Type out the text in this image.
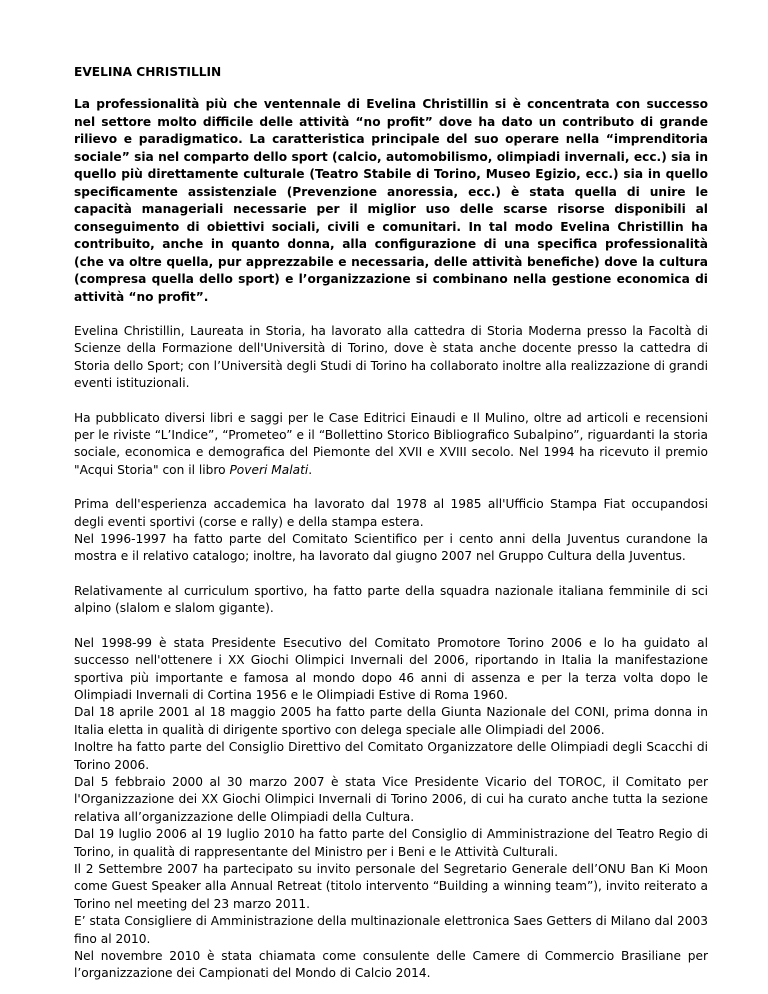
EVELINA CHRISTILLIN

La professionalità più che ventennale di Evelina Christillin si è concentrata con successo nel settore molto difficile delle attività “no profit” dove ha dato un contributo di grande rilievo e paradigmatico. La caratteristica principale del suo operare nella “imprenditoria sociale” sia nel comparto dello sport (calcio, automobilismo, olimpiadi invernali, ecc.) sia in quello più direttamente culturale (Teatro Stabile di Torino, Museo Egizio, ecc.) sia in quello specificamente assistenziale (Prevenzione anoressia, ecc.) è stata quella di unire le capacità manageriali necessarie per il miglior uso delle scarse risorse disponibili al conseguimento di obiettivi sociali, civili e comunitari. In tal modo Evelina Christillin ha contribuito, anche in quanto donna, alla configurazione di una specifica professionalità (che va oltre quella, pur apprezzabile e necessaria, delle attività benefiche) dove la cultura (compresa quella dello sport) e l’organizzazione si combinano nella gestione economica di attività “no profit”.

Evelina Christillin, Laureata in Storia, ha lavorato alla cattedra di Storia Moderna presso la Facoltà di Scienze della Formazione dell'Università di Torino, dove è stata anche docente presso la cattedra di Storia dello Sport; con l’Università degli Studi di Torino ha collaborato inoltre alla realizzazione di grandi eventi istituzionali.

Ha pubblicato diversi libri e saggi per le Case Editrici Einaudi e Il Mulino, oltre ad articoli e recensioni per le riviste “L’Indice”, “Prometeo” e il “Bollettino Storico Bibliografico Subalpino”, riguardanti la storia sociale, economica e demografica del Piemonte del XVII e XVIII secolo. Nel 1994 ha ricevuto il premio "Acqui Storia" con il libro Poveri Malati.

Prima dell'esperienza accademica ha lavorato dal 1978 al 1985 all'Ufficio Stampa Fiat occupandosi degli eventi sportivi (corse e rally) e della stampa estera.
Nel 1996-1997 ha fatto parte del Comitato Scientifico per i cento anni della Juventus curandone la mostra e il relativo catalogo; inoltre, ha lavorato dal giugno 2007 nel Gruppo Cultura della Juventus.

Relativamente al curriculum sportivo, ha fatto parte della squadra nazionale italiana femminile di sci alpino (slalom e slalom gigante).

Nel 1998-99 è stata Presidente Esecutivo del Comitato Promotore Torino 2006 e lo ha guidato al successo nell'ottenere i XX Giochi Olimpici Invernali del 2006, riportando in Italia la manifestazione sportiva più importante e famosa al mondo dopo 46 anni di assenza e per la terza volta dopo le Olimpiadi Invernali di Cortina 1956 e le Olimpiadi Estive di Roma 1960.
Dal 18 aprile 2001 al 18 maggio 2005 ha fatto parte della Giunta Nazionale del CONI, prima donna in Italia eletta in qualità di dirigente sportivo con delega speciale alle Olimpiadi del 2006.
Inoltre ha fatto parte del Consiglio Direttivo del Comitato Organizzatore delle Olimpiadi degli Scacchi di Torino 2006.
Dal 5 febbraio 2000 al 30 marzo 2007 è stata Vice Presidente Vicario del TOROC, il Comitato per l'Organizzazione dei XX Giochi Olimpici Invernali di Torino 2006, di cui ha curato anche tutta la sezione relativa all’organizzazione delle Olimpiadi della Cultura.
Dal 19 luglio 2006 al 19 luglio 2010 ha fatto parte del Consiglio di Amministrazione del Teatro Regio di Torino, in qualità di rappresentante del Ministro per i Beni e le Attività Culturali.
Il 2 Settembre 2007 ha partecipato su invito personale del Segretario Generale dell’ONU Ban Ki Moon come Guest Speaker alla Annual Retreat (titolo intervento “Building a winning team”), invito reiterato a Torino nel meeting del 23 marzo 2011.
E’ stata Consigliere di Amministrazione della multinazionale elettronica Saes Getters di Milano dal 2003 fino al 2010.
Nel novembre 2010 è stata chiamata come consulente delle Camere di Commercio Brasiliane per l’organizzazione dei Campionati del Mondo di Calcio 2014.
